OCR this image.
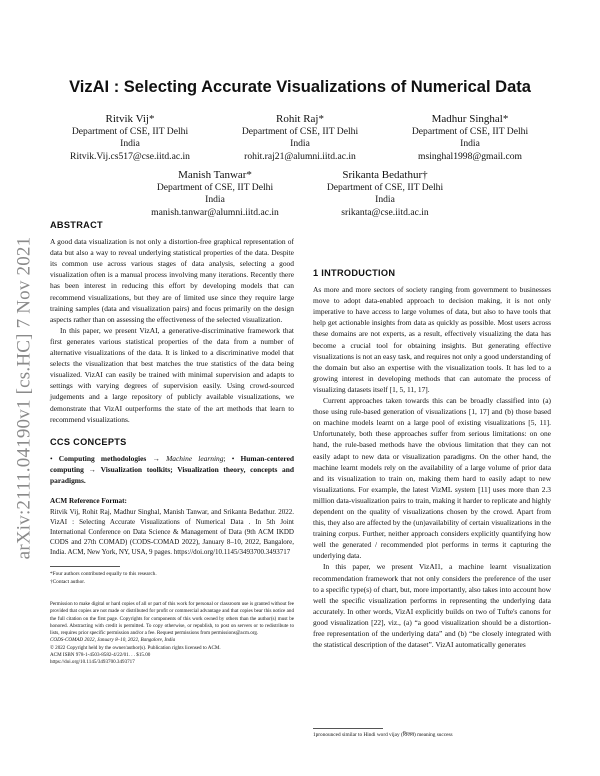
arXiv:2111.04190v1 [cs.HC] 7 Nov 2021
VizAI : Selecting Accurate Visualizations of Numerical Data
Ritvik Vij*
Department of CSE, IIT Delhi
India
Ritvik.Vij.cs517@cse.iitd.ac.in
Rohit Raj*
Department of CSE, IIT Delhi
India
rohit.raj21@alumni.iitd.ac.in
Madhur Singhal*
Department of CSE, IIT Delhi
India
msinghal1998@gmail.com
Manish Tanwar*
Department of CSE, IIT Delhi
India
manish.tanwar@alumni.iitd.ac.in
Srikanta Bedathur†
Department of CSE, IIT Delhi
India
srikanta@cse.iitd.ac.in
ABSTRACT

A good data visualization is not only a distortion-free graphical representation of data but also a way to reveal underlying statistical properties of the data. Despite its common use across various stages of data analysis, selecting a good visualization often is a manual process involving many iterations. Recently there has been interest in reducing this effort by developing models that can recommend visualizations, but they are of limited use since they require large training samples (data and visualization pairs) and focus primarily on the design aspects rather than on assessing the effectiveness of the selected visualization.

In this paper, we present VizAI, a generative-discriminative framework that first generates various statistical properties of the data from a number of alternative visualizations of the data. It is linked to a discriminative model that selects the visualization that best matches the true statistics of the data being visualized. VizAI can easily be trained with minimal supervision and adapts to settings with varying degrees of supervision easily. Using crowd-sourced judgements and a large repository of publicly available visualizations, we demonstrate that VizAI outperforms the state of the art methods that learn to recommend visualizations.

CCS CONCEPTS

• Computing methodologies → Machine learning; • Human-centered computing → Visualization toolkits; Visualization theory, concepts and paradigms.

ACM Reference Format:

Ritvik Vij, Rohit Raj, Madhur Singhal, Manish Tanwar, and Srikanta Bedathur. 2022. VizAI : Selecting Accurate Visualizations of Numerical Data . In 5th Joint International Conference on Data Science & Management of Data (9th ACM IKDD CODS and 27th COMAD) (CODS-COMAD 2022), January 8–10, 2022, Bangalore, India. ACM, New York, NY, USA, 9 pages. https://doi.org/10.1145/3493700.3493717

*Four authors contributed equally to this research.
†Contact author.
Permission to make digital or hard copies of all or part of this work for personal or classroom use is granted without fee provided that copies are not made or distributed for profit or commercial advantage and that copies bear this notice and the full citation on the first page. Copyrights for components of this work owned by others than the author(s) must be honored. Abstracting with credit is permitted. To copy otherwise, or republish, to post on servers or to redistribute to lists, requires prior specific permission and/or a fee. Request permissions from permissions@acm.org.
CODS-COMAD 2022, January 8–10, 2022, Bangalore, India
© 2022 Copyright held by the owner/author(s). Publication rights licensed to ACM.
ACM ISBN 978-1-4503-8582-4/22/01. . . $15.00
https://doi.org/10.1145/3493700.3493717
1 INTRODUCTION

As more and more sectors of society ranging from government to businesses move to adopt data-enabled approach to decision making, it is not only imperative to have access to large volumes of data, but also to have tools that help get actionable insights from data as quickly as possible. Most users across these domains are not experts, as a result, effectively visualizing the data has become a crucial tool for obtaining insights. But generating effective visualizations is not an easy task, and requires not only a good understanding of the domain but also an expertise with the visualization tools. It has led to a growing interest in developing methods that can automate the process of visualizing datasets itself [1, 5, 11, 17].

Current approaches taken towards this can be broadly classified into (a) those using rule-based generation of visualizations [1, 17] and (b) those based on machine models learnt on a large pool of existing visualizations [5, 11]. Unfortunately, both these approaches suffer from serious limitations: on one hand, the rule-based methods have the obvious limitation that they can not easily adapt to new data or visualization paradigms. On the other hand, the machine learnt models rely on the availability of a large volume of prior data and its visualization to train on, making them hard to easily adapt to new visualizations. For example, the latest VizML system [11] uses more than 2.3 million data-visualization pairs to train, making it harder to replicate and highly dependent on the quality of visualizations chosen by the crowd. Apart from this, they also are affected by the (un)availability of certain visualizations in the training corpus. Further, neither approach considers explicitly quantifying how well the generated / recommended plot performs in terms it capturing the underlying data.

In this paper, we present VizAI1, a machine learnt visualization recommendation framework that not only considers the preference of the user to a specific type(s) of chart, but, more importantly, also takes into account how well the specific visualization performs in representing the underlying data accurately. In other words, VizAI explicitly builds on two of Tufte's canons for good visualization [22], viz., (a) “a good visualization should be a distortion-free representation of the underlying data” and (b) “be closely integrated with the statistical description of the dataset”. VizAI automatically generates

1pronounced similar to Hindi word vijay (विजय) meaning success
